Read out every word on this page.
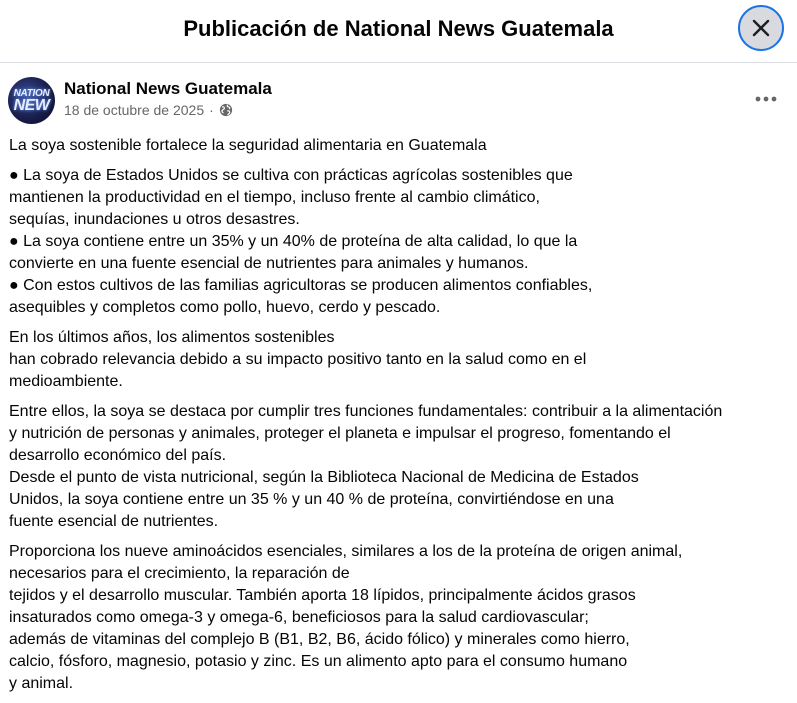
Publicación de National News Guatemala
NATION
NEW
National News Guatemala
18 de octubre de 2025 ·

La soya sostenible fortalece la seguridad alimentaria en Guatemala

● La soya de Estados Unidos se cultiva con prácticas agrícolas sostenibles que
mantienen la productividad en el tiempo, incluso frente al cambio climático,
sequías, inundaciones u otros desastres.
● La soya contiene entre un 35% y un 40% de proteína de alta calidad, lo que la
convierte en una fuente esencial de nutrientes para animales y humanos.
● Con estos cultivos de las familias agricultoras se producen alimentos confiables,
asequibles y completos como pollo, huevo, cerdo y pescado.

En los últimos años, los alimentos sostenibles
han cobrado relevancia debido a su impacto positivo tanto en la salud como en el
medioambiente.

Entre ellos, la soya se destaca por cumplir tres funciones fundamentales: contribuir a la alimentación
y nutrición de personas y animales, proteger el planeta e impulsar el progreso, fomentando el
desarrollo económico del país.
Desde el punto de vista nutricional, según la Biblioteca Nacional de Medicina de Estados
Unidos, la soya contiene entre un 35 % y un 40 % de proteína, convirtiéndose en una
fuente esencial de nutrientes.

Proporciona los nueve aminoácidos esenciales, similares a los de la proteína de origen animal,
necesarios para el crecimiento, la reparación de
tejidos y el desarrollo muscular. También aporta 18 lípidos, principalmente ácidos grasos
insaturados como omega-3 y omega-6, beneficiosos para la salud cardiovascular;
además de vitaminas del complejo B (B1, B2, B6, ácido fólico) y minerales como hierro,
calcio, fósforo, magnesio, potasio y zinc. Es un alimento apto para el consumo humano
y animal.
